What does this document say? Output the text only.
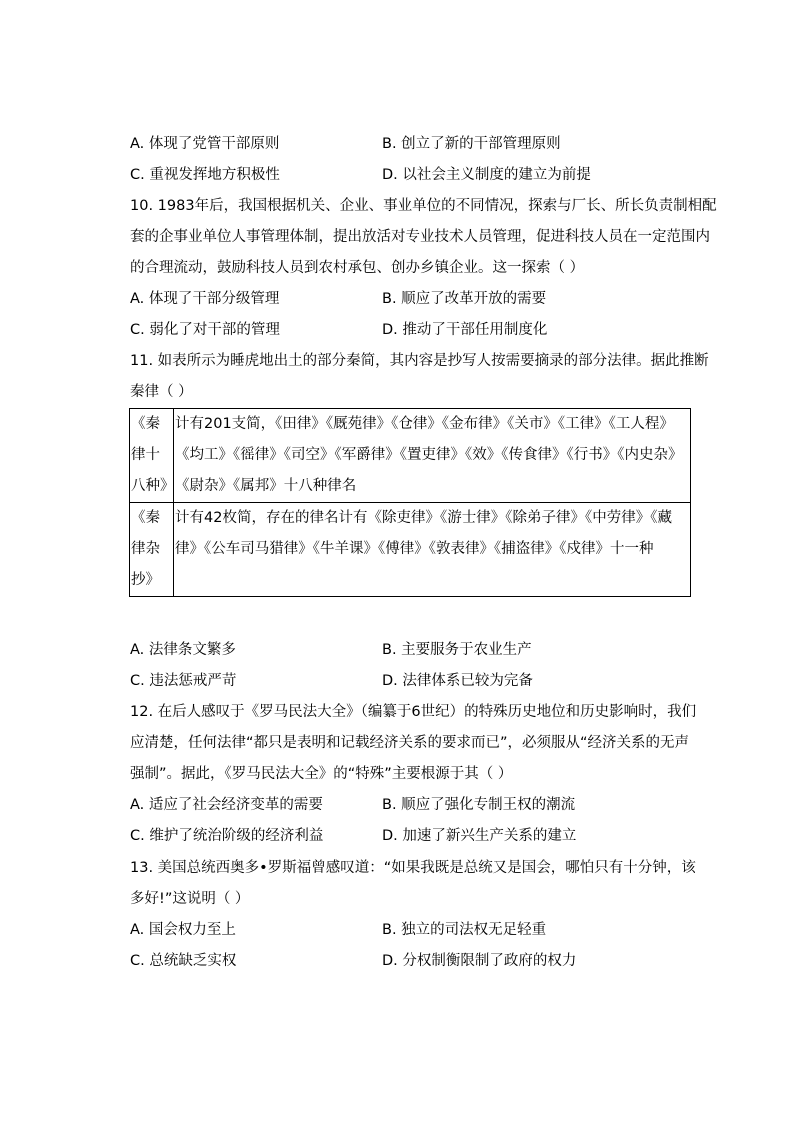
A. 体现了党管干部原则	B. 创立了新的干部管理原则
C. 重视发挥地方积极性	D. 以社会主义制度的建立为前提
10. 1983年后，我国根据机关、企业、事业单位的不同情况，探索与厂长、所长负责制相配
套的企事业单位人事管理体制，提出放活对专业技术人员管理，促进科技人员在一定范围内
的合理流动，鼓励科技人员到农村承包、创办乡镇企业。这一探索（ ）
A. 体现了干部分级管理	B. 顺应了改革开放的需要
C. 弱化了对干部的管理	D. 推动了干部任用制度化
11. 如表所示为睡虎地出土的部分秦简，其内容是抄写人按需要摘录的部分法律。据此推断
秦律（ ）
《秦律十八种》	计有201支简，《田律》《厩苑律》《仓律》《金布律》《关市》《工律》《工人程》《均工》《徭律》《司空》《军爵律》《置吏律》《效》《传食律》《行书》《内史杂》《尉杂》《属邦》十八种律名
《秦律杂抄》	计有42枚简，存在的律名计有《除吏律》《游士律》《除弟子律》《中劳律》《藏律》《公车司马猎律》《牛羊课》《傅律》《敦表律》《捕盗律》《戍律》十一种
A. 法律条文繁多	B. 主要服务于农业生产
C. 违法惩戒严苛	D. 法律体系已较为完备
12. 在后人感叹于《罗马民法大全》（编纂于6世纪）的特殊历史地位和历史影响时，我们
应清楚，任何法律“都只是表明和记载经济关系的要求而已”，必须服从“经济关系的无声
强制”。据此，《罗马民法大全》的“特殊”主要根源于其（ ）
A. 适应了社会经济变革的需要	B. 顺应了强化专制王权的潮流
C. 维护了统治阶级的经济利益	D. 加速了新兴生产关系的建立
13. 美国总统西奥多•罗斯福曾感叹道：“如果我既是总统又是国会，哪怕只有十分钟，该
多好!”这说明（ ）
A. 国会权力至上	B. 独立的司法权无足轻重
C. 总统缺乏实权	D. 分权制衡限制了政府的权力
